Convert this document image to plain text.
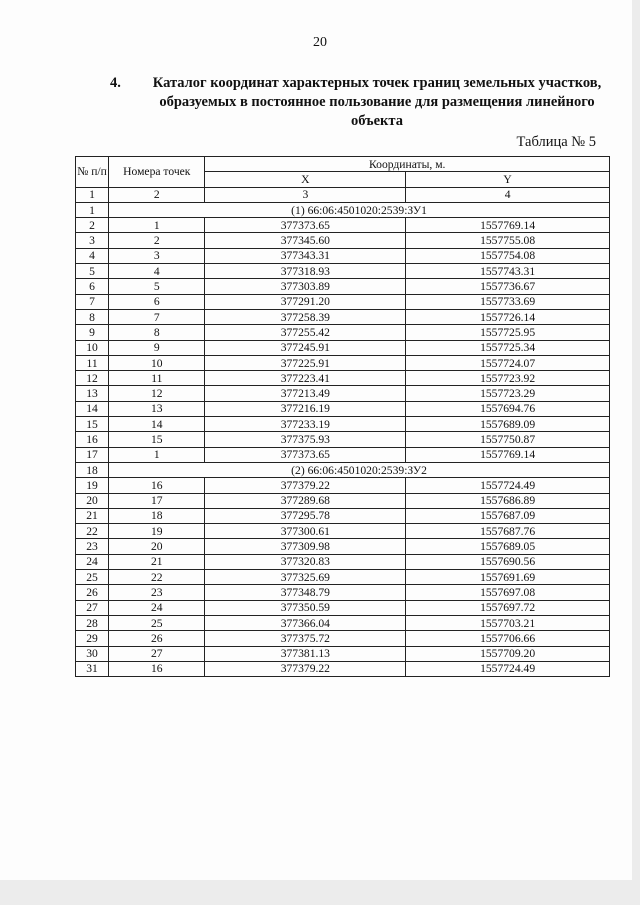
20
4.	Каталог координат характерных точек границ земельных участков, образуемых в постоянное пользование для размещения линейного объекта
Таблица № 5
№ п/п	Номера точек	Координаты, м.	
		X	Y
1	2	3	4
1	(1) 66:06:4501020:2539:ЗУ1		
2	1	377373.65	1557769.14
3	2	377345.60	1557755.08
4	3	377343.31	1557754.08
5	4	377318.93	1557743.31
6	5	377303.89	1557736.67
7	6	377291.20	1557733.69
8	7	377258.39	1557726.14
9	8	377255.42	1557725.95
10	9	377245.91	1557725.34
11	10	377225.91	1557724.07
12	11	377223.41	1557723.92
13	12	377213.49	1557723.29
14	13	377216.19	1557694.76
15	14	377233.19	1557689.09
16	15	377375.93	1557750.87
17	1	377373.65	1557769.14
18	(2) 66:06:4501020:2539:ЗУ2		
19	16	377379.22	1557724.49
20	17	377289.68	1557686.89
21	18	377295.78	1557687.09
22	19	377300.61	1557687.76
23	20	377309.98	1557689.05
24	21	377320.83	1557690.56
25	22	377325.69	1557691.69
26	23	377348.79	1557697.08
27	24	377350.59	1557697.72
28	25	377366.04	1557703.21
29	26	377375.72	1557706.66
30	27	377381.13	1557709.20
31	16	377379.22	1557724.49
